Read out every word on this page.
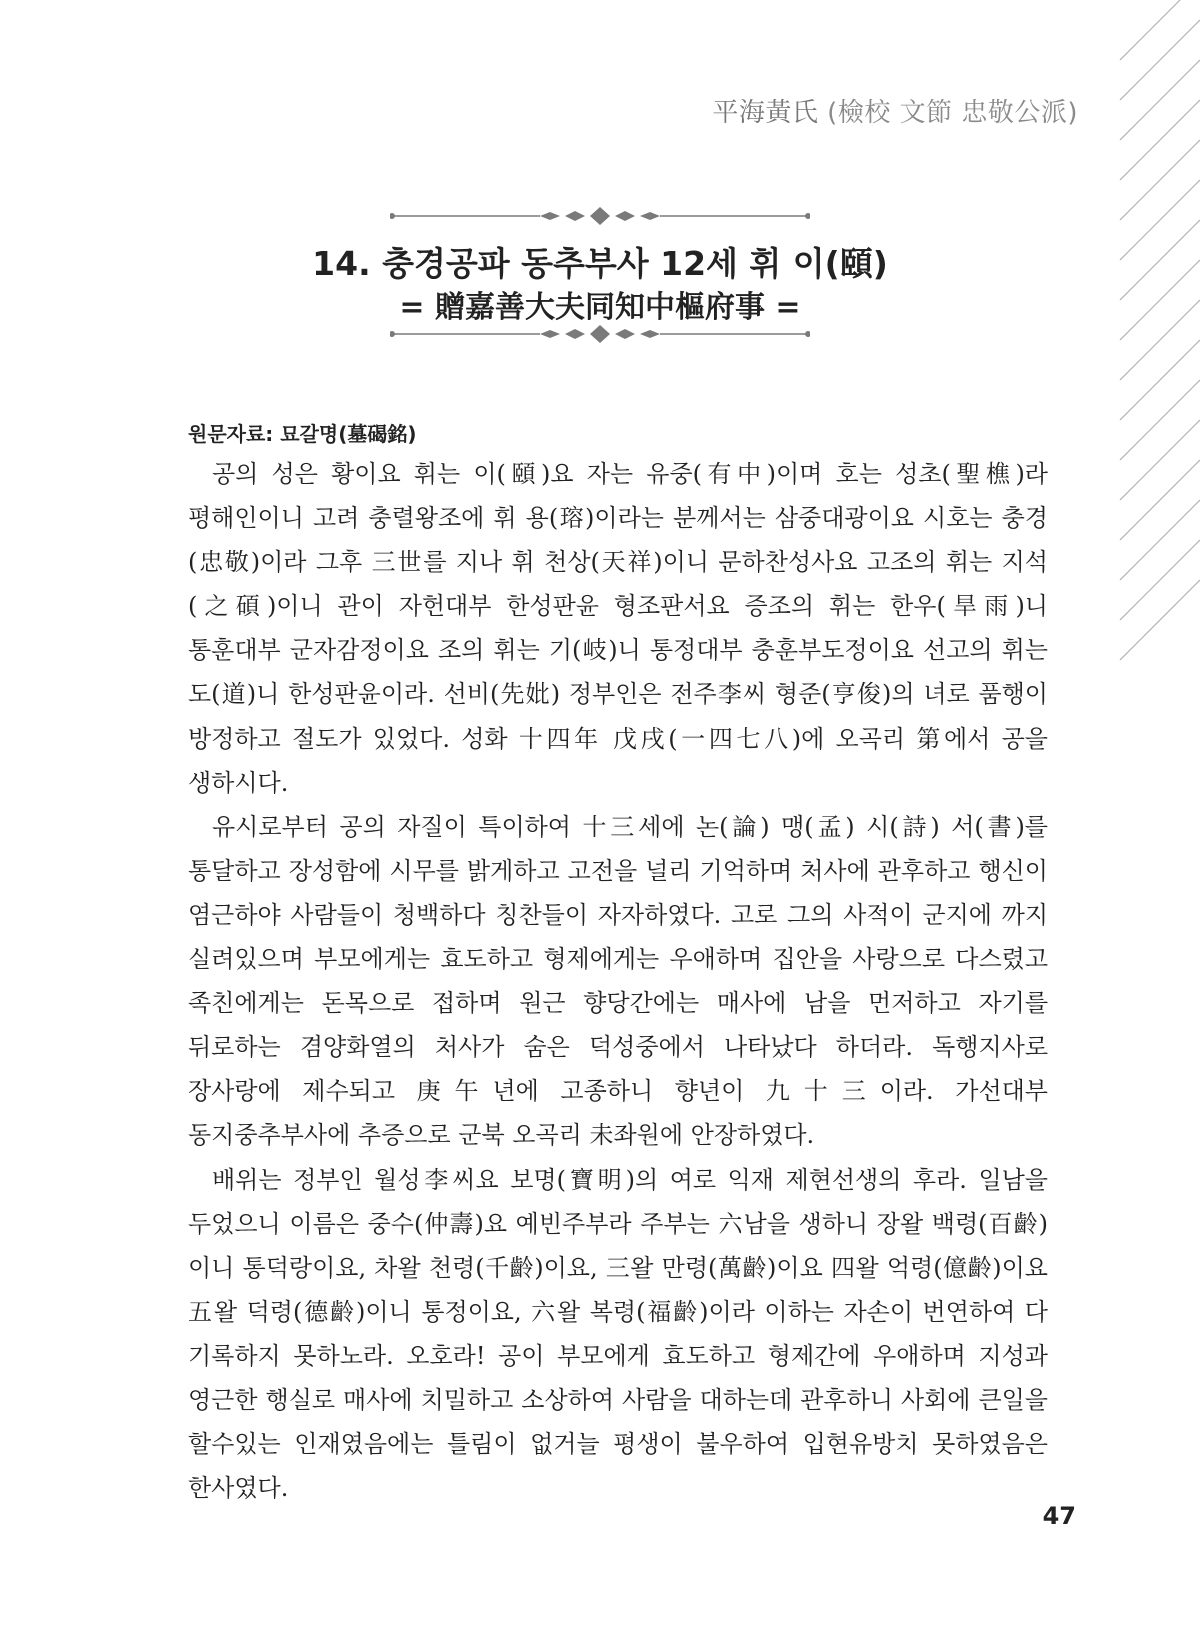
平海黃氏 (檢校 文節 忠敬公派)
14. 충경공파 동추부사 12세 휘 이(頤)
= 贈嘉善大夫同知中樞府事 =
원문자료: 묘갈명(墓碣銘)

공의 성은 황이요 휘는 이(頤)요 자는 유중(有中)이며 호는 성초(聖樵)라 평해인이니 고려 충렬왕조에 휘 용(瑢)이라는 분께서는 삼중대광이요 시호는 충경(忠敬)이라 그후 三世를 지나 휘 천상(天祥)이니 문하찬성사요 고조의 휘는 지석(之碩)이니 관이 자헌대부 한성판윤 형조판서요 증조의 휘는 한우(旱雨)니 통훈대부 군자감정이요 조의 휘는 기(岐)니 통정대부 충훈부도정이요 선고의 휘는 도(道)니 한성판윤이라. 선비(先妣) 정부인은 전주李씨 형준(亨俊)의 녀로 품행이 방정하고 절도가 있었다. 성화 十四年 戊戌(一四七八)에 오곡리 第에서 공을 생하시다.

유시로부터 공의 자질이 특이하여 十三세에 논(論) 맹(孟) 시(詩) 서(書)를 통달하고 장성함에 시무를 밝게하고 고전을 널리 기억하며 처사에 관후하고 행신이 염근하야 사람들이 청백하다 칭찬들이 자자하였다. 고로 그의 사적이 군지에 까지 실려있으며 부모에게는 효도하고 형제에게는 우애하며 집안을 사랑으로 다스렸고 족친에게는 돈목으로 접하며 원근 향당간에는 매사에 남을 먼저하고 자기를 뒤로하는 겸양화열의 처사가 숨은 덕성중에서 나타났다 하더라. 독행지사로 장사랑에 제수되고 庚午년에 고종하니 향년이 九十三이라. 가선대부 동지중추부사에 추증으로 군북 오곡리 未좌원에 안장하였다.

배위는 정부인 월성李씨요 보명(寶明)의 여로 익재 제현선생의 후라. 일남을 두었으니 이름은 중수(仲壽)요 예빈주부라 주부는 六남을 생하니 장왈 백령(百齡)이니 통덕랑이요, 차왈 천령(千齡)이요, 三왈 만령(萬齡)이요 四왈 억령(億齡)이요 五왈 덕령(德齡)이니 통정이요, 六왈 복령(福齡)이라 이하는 자손이 번연하여 다 기록하지 못하노라. 오호라! 공이 부모에게 효도하고 형제간에 우애하며 지성과 영근한 행실로 매사에 치밀하고 소상하여 사람을 대하는데 관후하니 사회에 큰일을 할수있는 인재였음에는 틀림이 없거늘 평생이 불우하여 입현유방치 못하였음은 한사였다.

47
